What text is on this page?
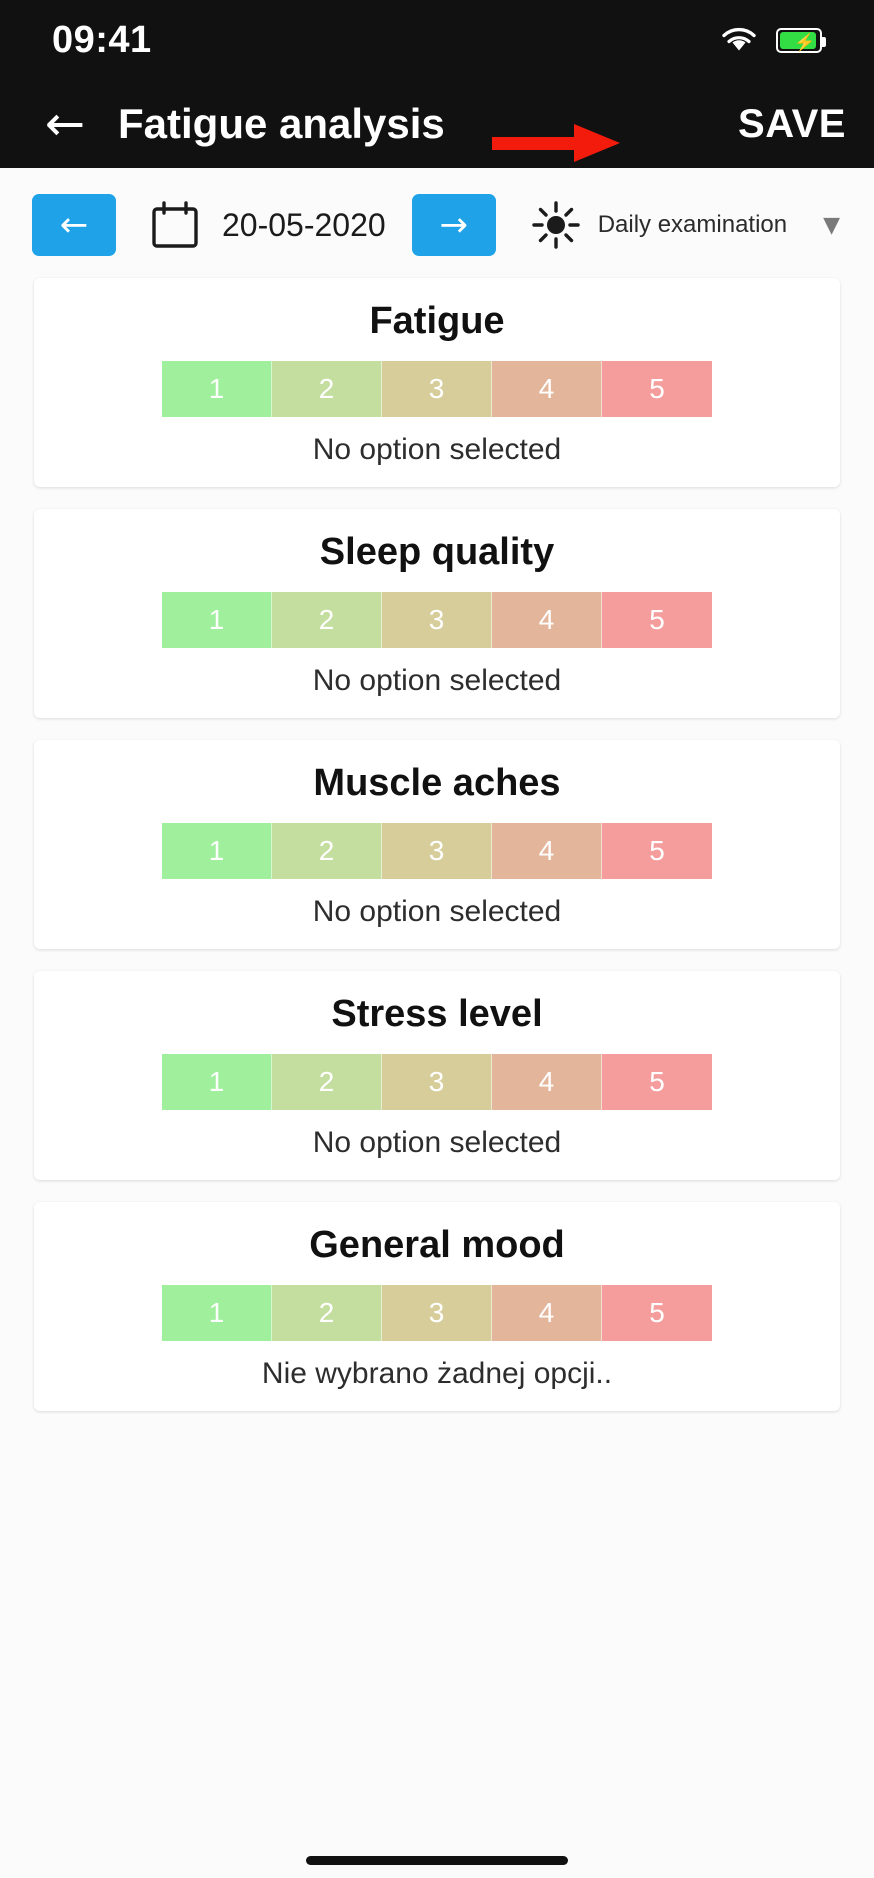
09:41	⚡
← Fatigue analysis	SAVE
←	20-05-2020	→	Daily examination ▼
Fatigue
1	2	3	4	5
No option selected
Sleep quality
1	2	3	4	5
No option selected
Muscle aches
1	2	3	4	5
No option selected
Stress level
1	2	3	4	5
No option selected
General mood
1	2	3	4	5
Nie wybrano żadnej opcji..
